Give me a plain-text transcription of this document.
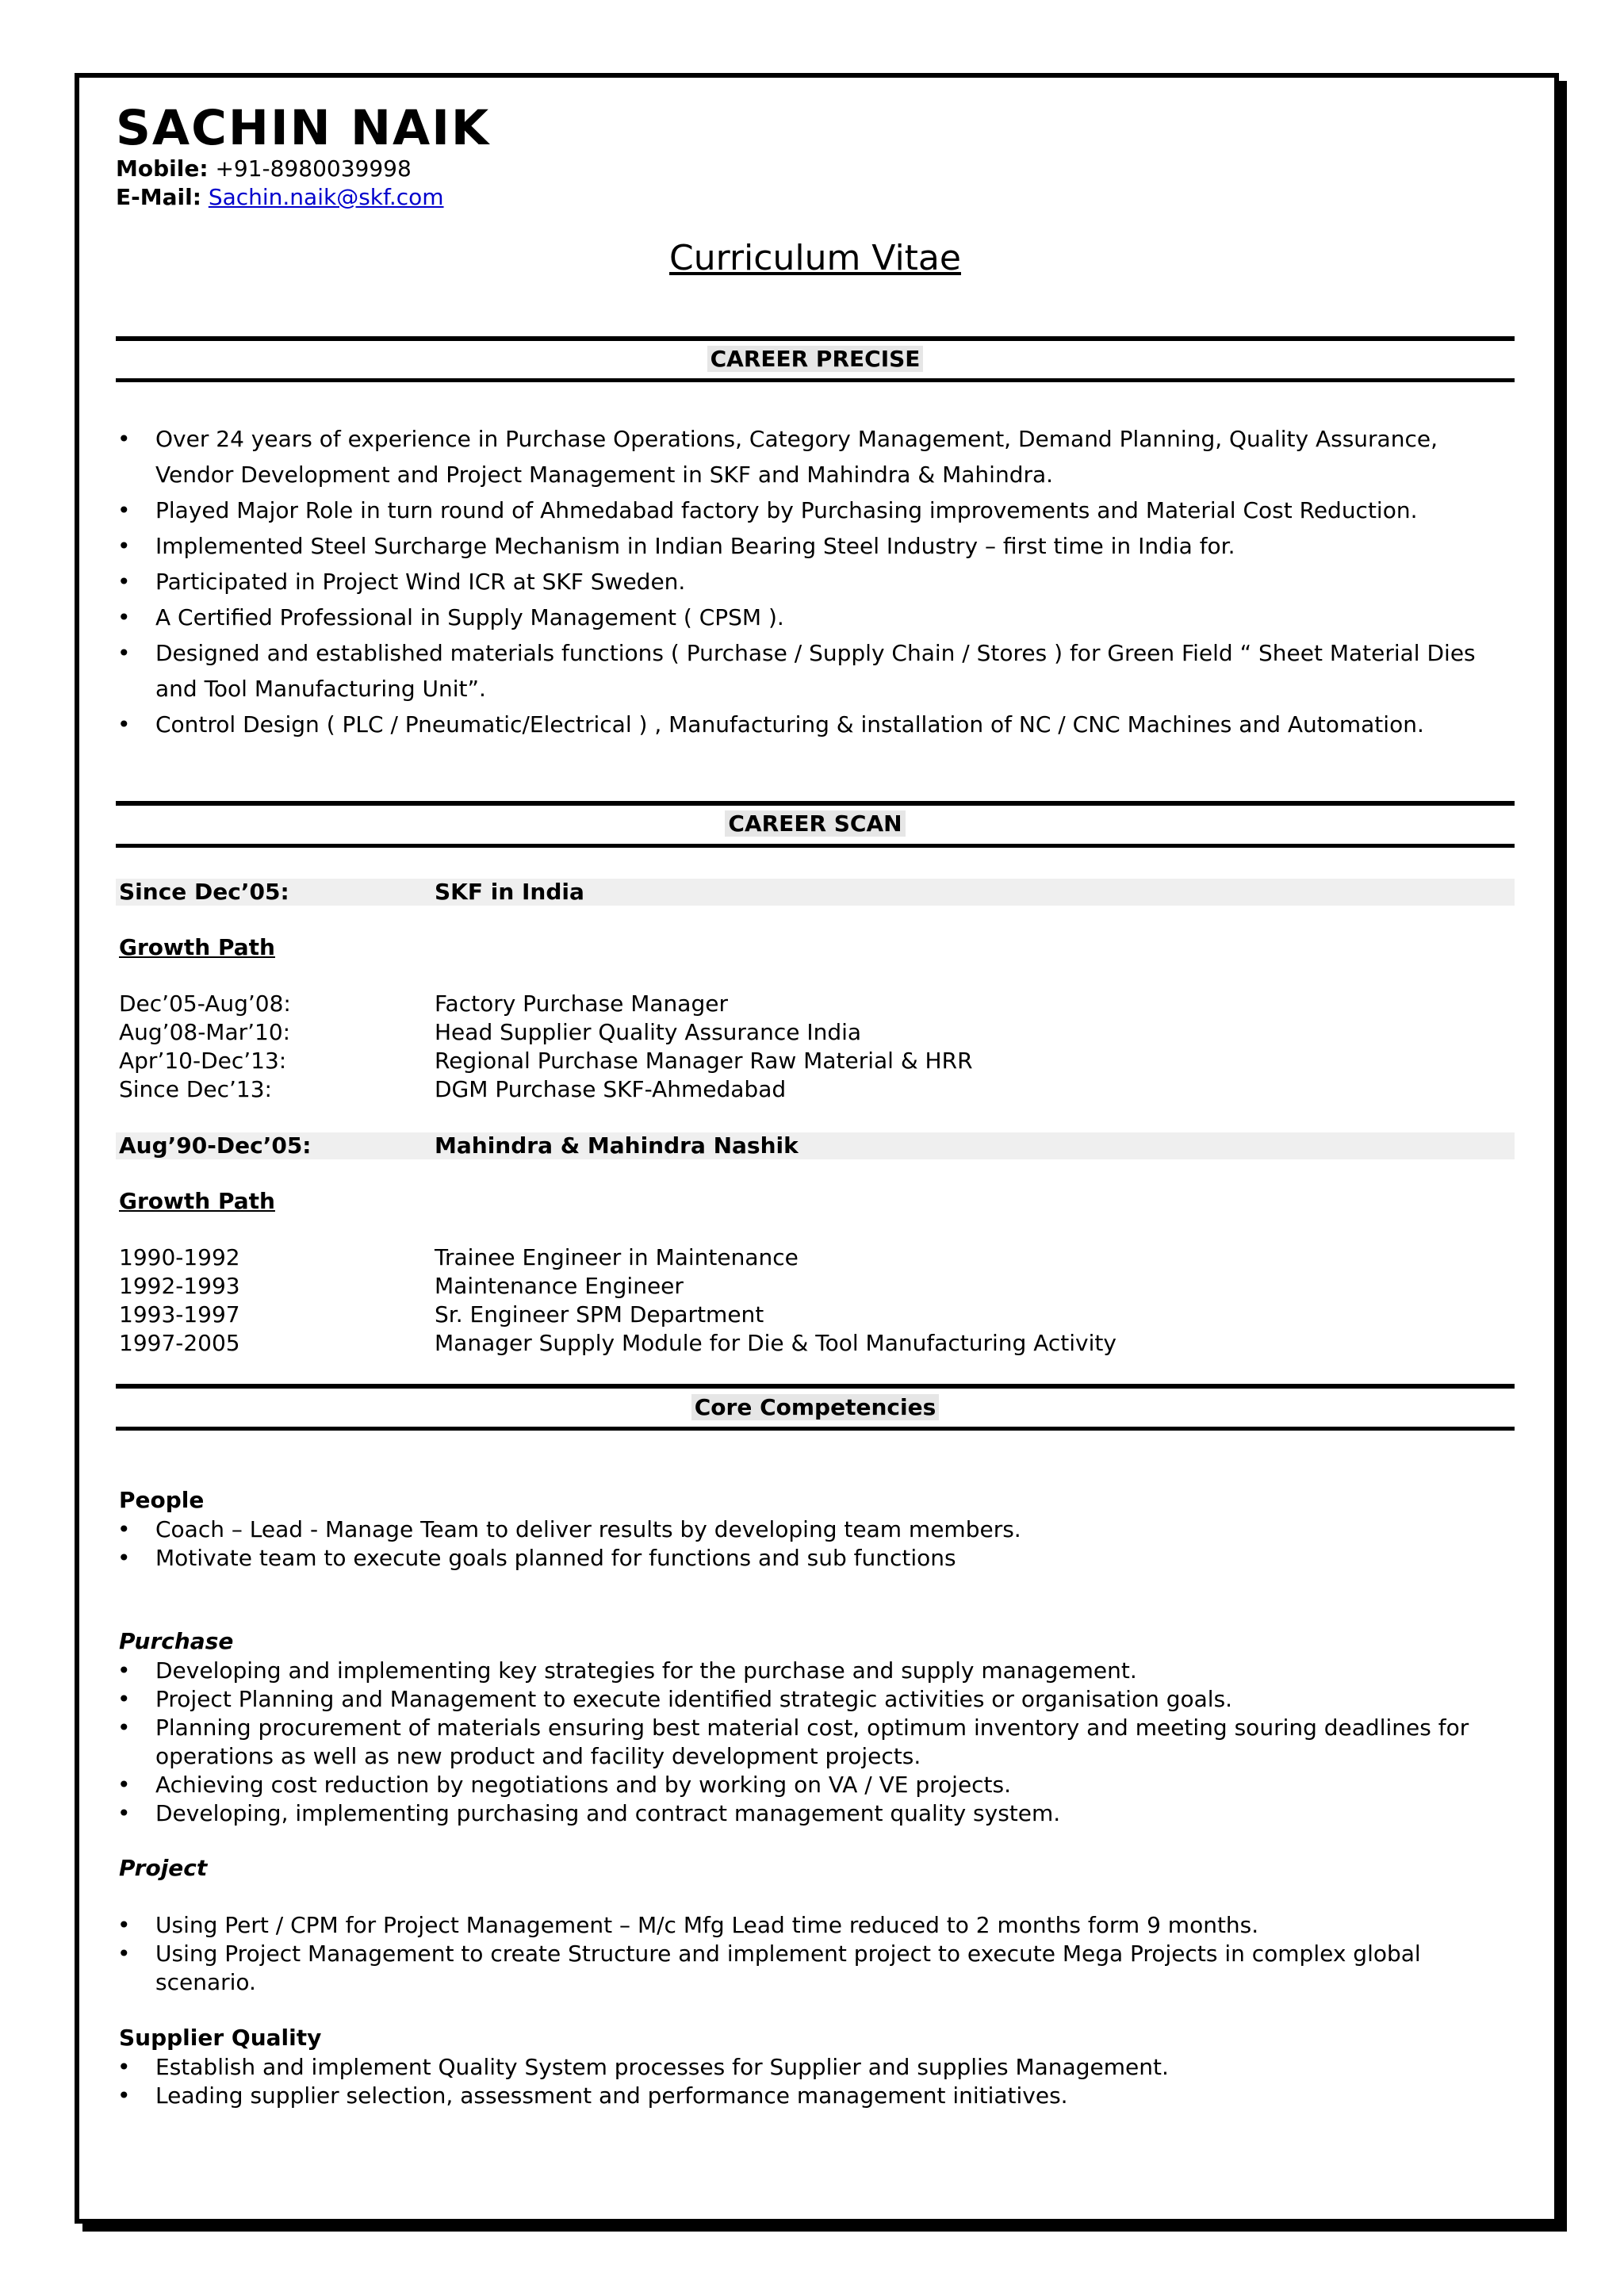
SACHIN NAIK
Mobile: +91-8980039998
E-Mail: Sachin.naik@skf.com
Curriculum Vitae
CAREER PRECISE
• Over 24 years of experience in Purchase Operations, Category Management, Demand Planning, Quality Assurance, Vendor Development and Project Management in SKF and Mahindra & Mahindra.
• Played Major Role in turn round of Ahmedabad factory by Purchasing improvements and Material Cost Reduction.
• Implemented Steel Surcharge Mechanism in Indian Bearing Steel Industry – first time in India for.
• Participated in Project Wind ICR at SKF Sweden.
• A Certified Professional in Supply Management ( CPSM ).
• Designed and established materials functions ( Purchase / Supply Chain / Stores ) for Green Field “ Sheet Material Dies and Tool Manufacturing Unit”.
• Control Design ( PLC / Pneumatic/Electrical ) , Manufacturing & installation of NC / CNC Machines and Automation.
CAREER SCAN
Since Dec’05:	SKF in India
Growth Path
Dec’05-Aug’08:	Factory Purchase Manager
Aug’08-Mar’10:	Head Supplier Quality Assurance India
Apr’10-Dec’13:	Regional Purchase Manager Raw Material & HRR
Since Dec’13:	DGM Purchase SKF-Ahmedabad
Aug’90-Dec’05:	Mahindra & Mahindra Nashik
Growth Path
1990-1992	Trainee Engineer in Maintenance
1992-1993	Maintenance Engineer
1993-1997	Sr. Engineer SPM Department
1997-2005	Manager Supply Module for Die & Tool Manufacturing Activity
Core Competencies
People
• Coach – Lead - Manage Team to deliver results by developing team members.
• Motivate team to execute goals planned for functions and sub functions
Purchase
• Developing and implementing key strategies for the purchase and supply management.
• Project Planning and Management to execute identified strategic activities or organisation goals.
• Planning procurement of materials ensuring best material cost, optimum inventory and meeting souring deadlines for operations as well as new product and facility development projects.
• Achieving cost reduction by negotiations and by working on VA / VE projects.
• Developing, implementing purchasing and contract management quality system.
Project
• Using Pert / CPM for Project Management – M/c Mfg Lead time reduced to 2 months form 9 months.
• Using Project Management to create Structure and implement project to execute Mega Projects in complex global scenario.
Supplier Quality
• Establish and implement Quality System processes for Supplier and supplies Management.
• Leading supplier selection, assessment and performance management initiatives.
